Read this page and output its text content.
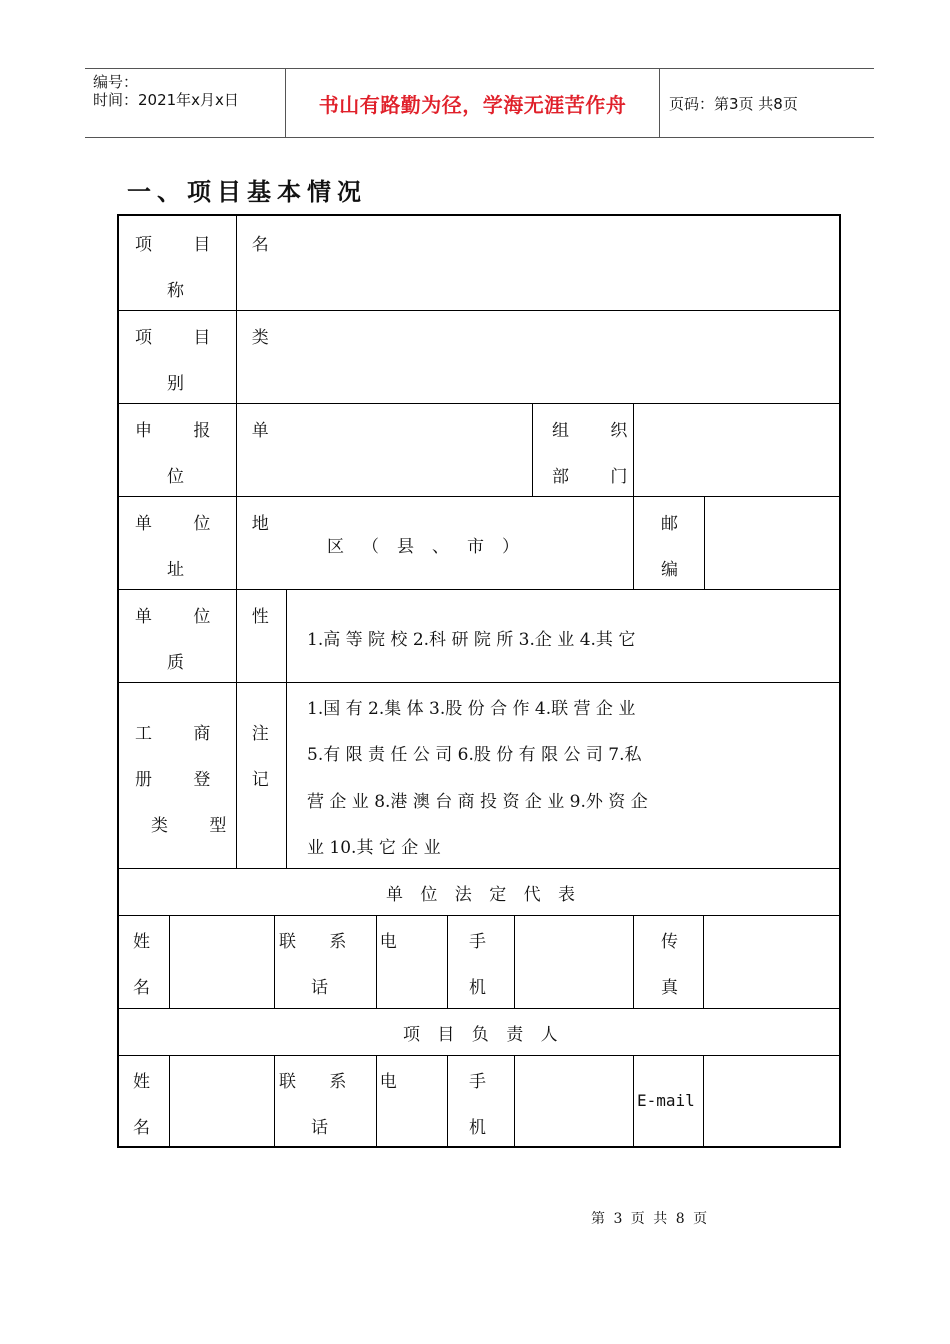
编号：
时间：2021年x月x日	书山有路勤为径，学海无涯苦作舟	页码：第3页 共8页
一、项目基本情况
项 目 名
称
项 目 类
别
申 报 单
位
组 织
部 门
单 位 地
址
区（县、市）
邮
编
单 位 性
质
1.高 等 院 校 2.科 研 院 所 3.企 业 4.其 它
工 商 注
册 登 记
类 型
1.国 有 2.集 体 3.股 份 合 作 4.联 营 企 业
5.有 限 责 任 公 司 6.股 份 有 限 公 司 7.私
营 企 业 8.港 澳 台 商 投 资 企 业 9.外 资 企
业 10.其 它 企 业
单 位 法 定 代 表
姓
名
联 系 电
话
手
机
传
真
项 目 负 责 人
姓
名
联 系 电
话
手
机
E-mail
第 3 页 共 8 页
